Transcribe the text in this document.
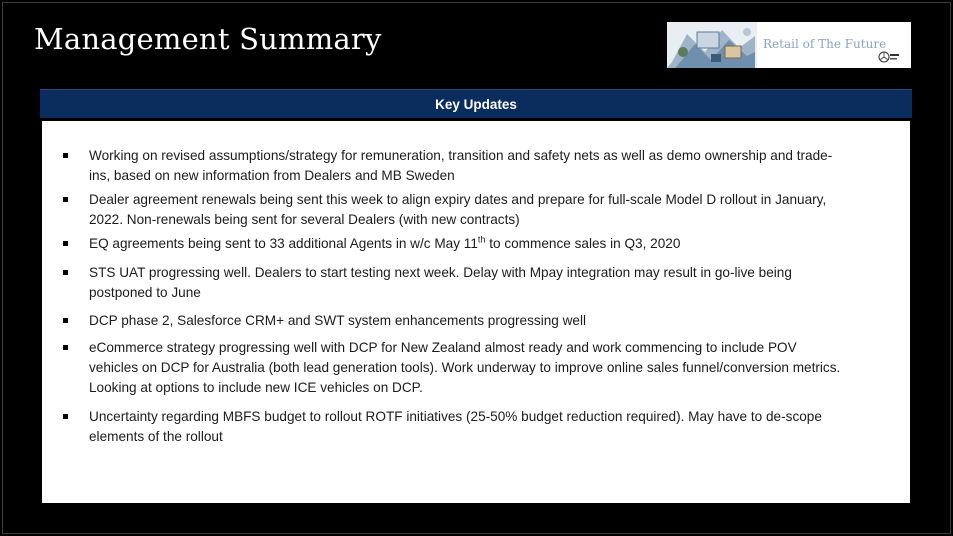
Management Summary	Retail of The Future
Key Updates
Working on revised assumptions/strategy for remuneration, transition and safety nets as well as demo ownership and trade-ins, based on new information from Dealers and MB Sweden
Dealer agreement renewals being sent this week to align expiry dates and prepare for full-scale Model D rollout in January, 2022. Non-renewals being sent for several Dealers (with new contracts)
EQ agreements being sent to 33 additional Agents in w/c May 11th to commence sales in Q3, 2020
STS UAT progressing well. Dealers to start testing next week. Delay with Mpay integration may result in go-live being postponed to June
DCP phase 2, Salesforce CRM+ and SWT system enhancements progressing well
eCommerce strategy progressing well with DCP for New Zealand almost ready and work commencing to include POV vehicles on DCP for Australia (both lead generation tools). Work underway to improve online sales funnel/conversion metrics. Looking at options to include new ICE vehicles on DCP.
Uncertainty regarding MBFS budget to rollout ROTF initiatives (25-50% budget reduction required). May have to de-scope elements of the rollout
